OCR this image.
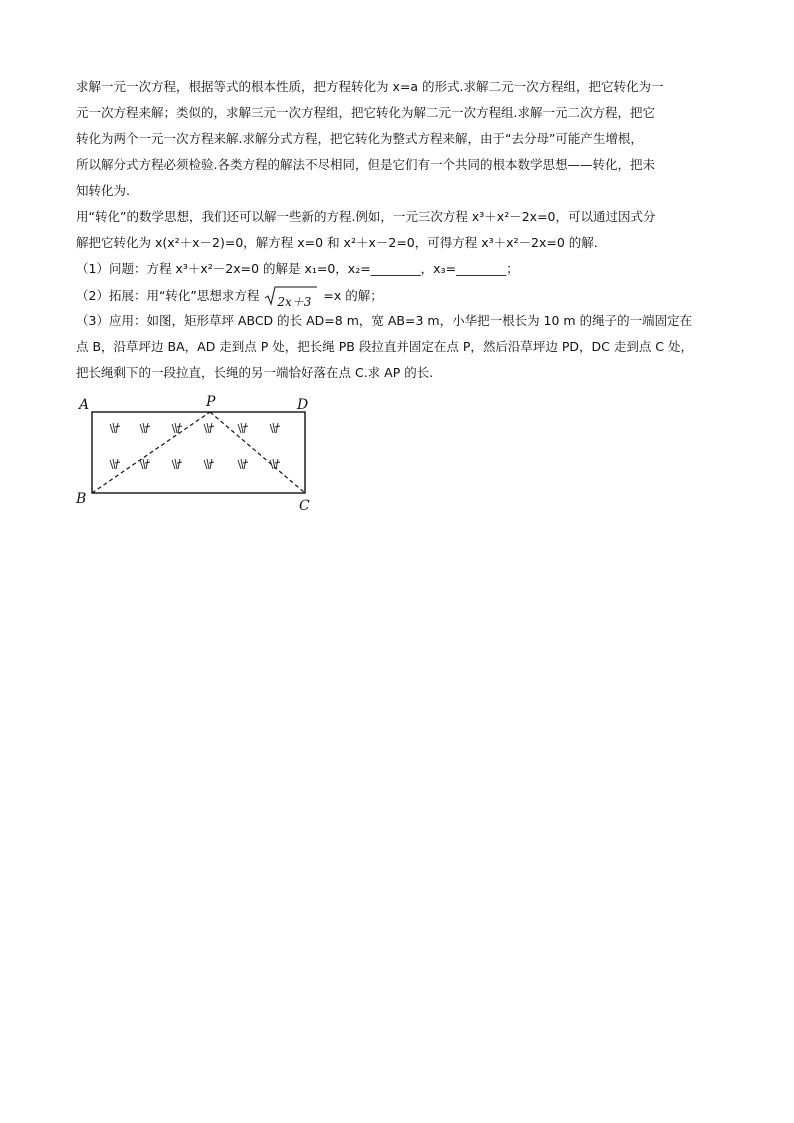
求解一元一次方程，根据等式的根本性质，把方程转化为 x=a 的形式.求解二元一次方程组，把它转化为一
元一次方程来解；类似的，求解三元一次方程组，把它转化为解二元一次方程组.求解一元二次方程，把它
转化为两个一元一次方程来解.求解分式方程，把它转化为整式方程来解，由于“去分母”可能产生增根，
所以解分式方程必须检验.各类方程的解法不尽相同，但是它们有一个共同的根本数学思想——转化，把未
知转化为.
用“转化”的数学思想，我们还可以解一些新的方程.例如，一元三次方程 x³＋x²－2x=0，可以通过因式分
解把它转化为 x(x²＋x－2)=0，解方程 x=0 和 x²＋x－2=0，可得方程 x³＋x²－2x=0 的解.
（1）问题：方程 x³＋x²－2x=0 的解是 x₁=0，x₂=________，x₃=________；
（2）拓展：用“转化”思想求方程 2x＋3 =x 的解；
（3）应用：如图，矩形草坪 ABCD 的长 AD=8 m，宽 AB=3 m，小华把一根长为 10 m 的绳子的一端固定在
点 B，沿草坪边 BA，AD 走到点 P 处，把长绳 PB 段拉直并固定在点 P，然后沿草坪边 PD，DC 走到点 C 处，
把长绳剩下的一段拉直，长绳的另一端恰好落在点 C.求 AP 的长.
A	P	D
B	C
